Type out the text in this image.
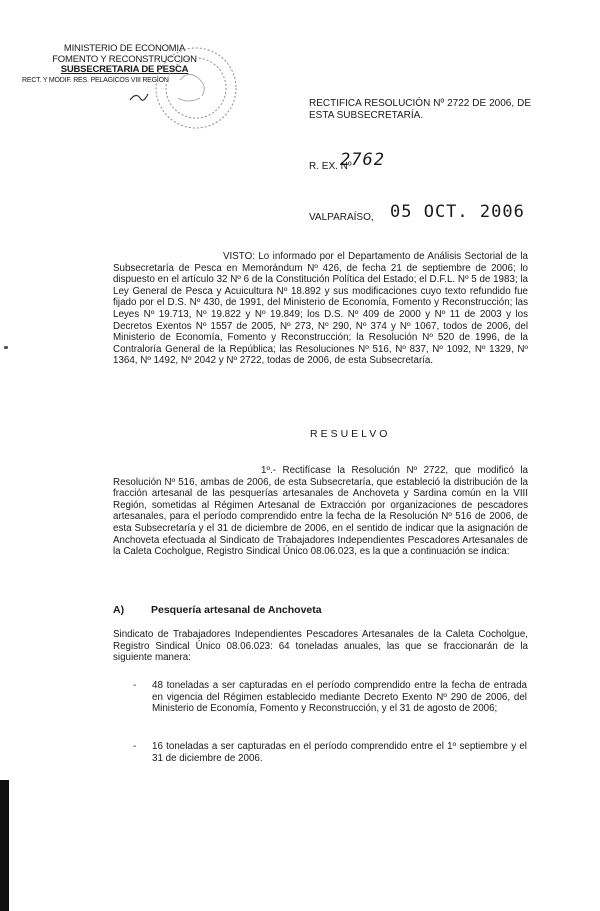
MINISTERIO DE ECONOMIA
FOMENTO Y RECONSTRUCCION
SUBSECRETARIA DE PESCA
RECT. Y MODIF. RES. PELAGICOS VIII REGION
RECTIFICA RESOLUCIÓN Nº 2722 DE 2006, DE ESTA SUBSECRETARÍA.
R. EX. Nº
2762
VALPARAÍSO, 05 OCT. 2006
VISTO: Lo informado por el Departamento de Análisis Sectorial de la Subsecretaría de Pesca en Memorándum Nº 426, de fecha 21 de septiembre de 2006; lo dispuesto en el artículo 32 Nº 6 de la Constitución Política del Estado; el D.F.L. Nº 5 de 1983; la Ley General de Pesca y Acuicultura Nº 18.892 y sus modificaciones cuyo texto refundido fue fijado por el D.S. Nº 430, de 1991, del Ministerio de Economía, Fomento y Reconstrucción; las Leyes Nº 19.713, Nº 19.822 y Nº 19.849; los D.S. Nº 409 de 2000 y Nº 11 de 2003 y los Decretos Exentos Nº 1557 de 2005, Nº 273, Nº 290, Nº 374 y Nº 1067, todos de 2006, del Ministerio de Economía, Fomento y Reconstrucción; la Resolución Nº 520 de 1996, de la Contraloría General de la República; las Resoluciones Nº 516, Nº 837, Nº 1092, Nº 1329, Nº 1364, Nº 1492, Nº 2042 y Nº 2722, todas de 2006, de esta Subsecretaría.
RESUELVO
1º.- Rectifícase la Resolución Nº 2722, que modificó la Resolución Nº 516, ambas de 2006, de esta Subsecretaría, que estableció la distribución de la fracción artesanal de las pesquerías artesanales de Anchoveta y Sardina común en la VIII Región, sometidas al Régimen Artesanal de Extracción por organizaciones de pescadores artesanales, para el período comprendido entre la fecha de la Resolución Nº 516 de 2006, de esta Subsecretaría y el 31 de diciembre de 2006, en el sentido de indicar que la asignación de Anchoveta efectuada al Sindicato de Trabajadores Independientes Pescadores Artesanales de la Caleta Cocholgue, Registro Sindical Único 08.06.023, es la que a continuación se indica:
A)	Pesquería artesanal de Anchoveta
Sindicato de Trabajadores Independientes Pescadores Artesanales de la Caleta Cocholgue, Registro Sindical Único 08.06.023: 64 toneladas anuales, las que se fraccionarán de la siguiente manera:
- 48 toneladas a ser capturadas en el período comprendido entre la fecha de entrada en vigencia del Régimen establecido mediante Decreto Exento Nº 290 de 2006, del Ministerio de Economía, Fomento y Reconstrucción, y el 31 de agosto de 2006;
- 16 toneladas a ser capturadas en el período comprendido entre el 1º septiembre y el 31 de diciembre de 2006.
